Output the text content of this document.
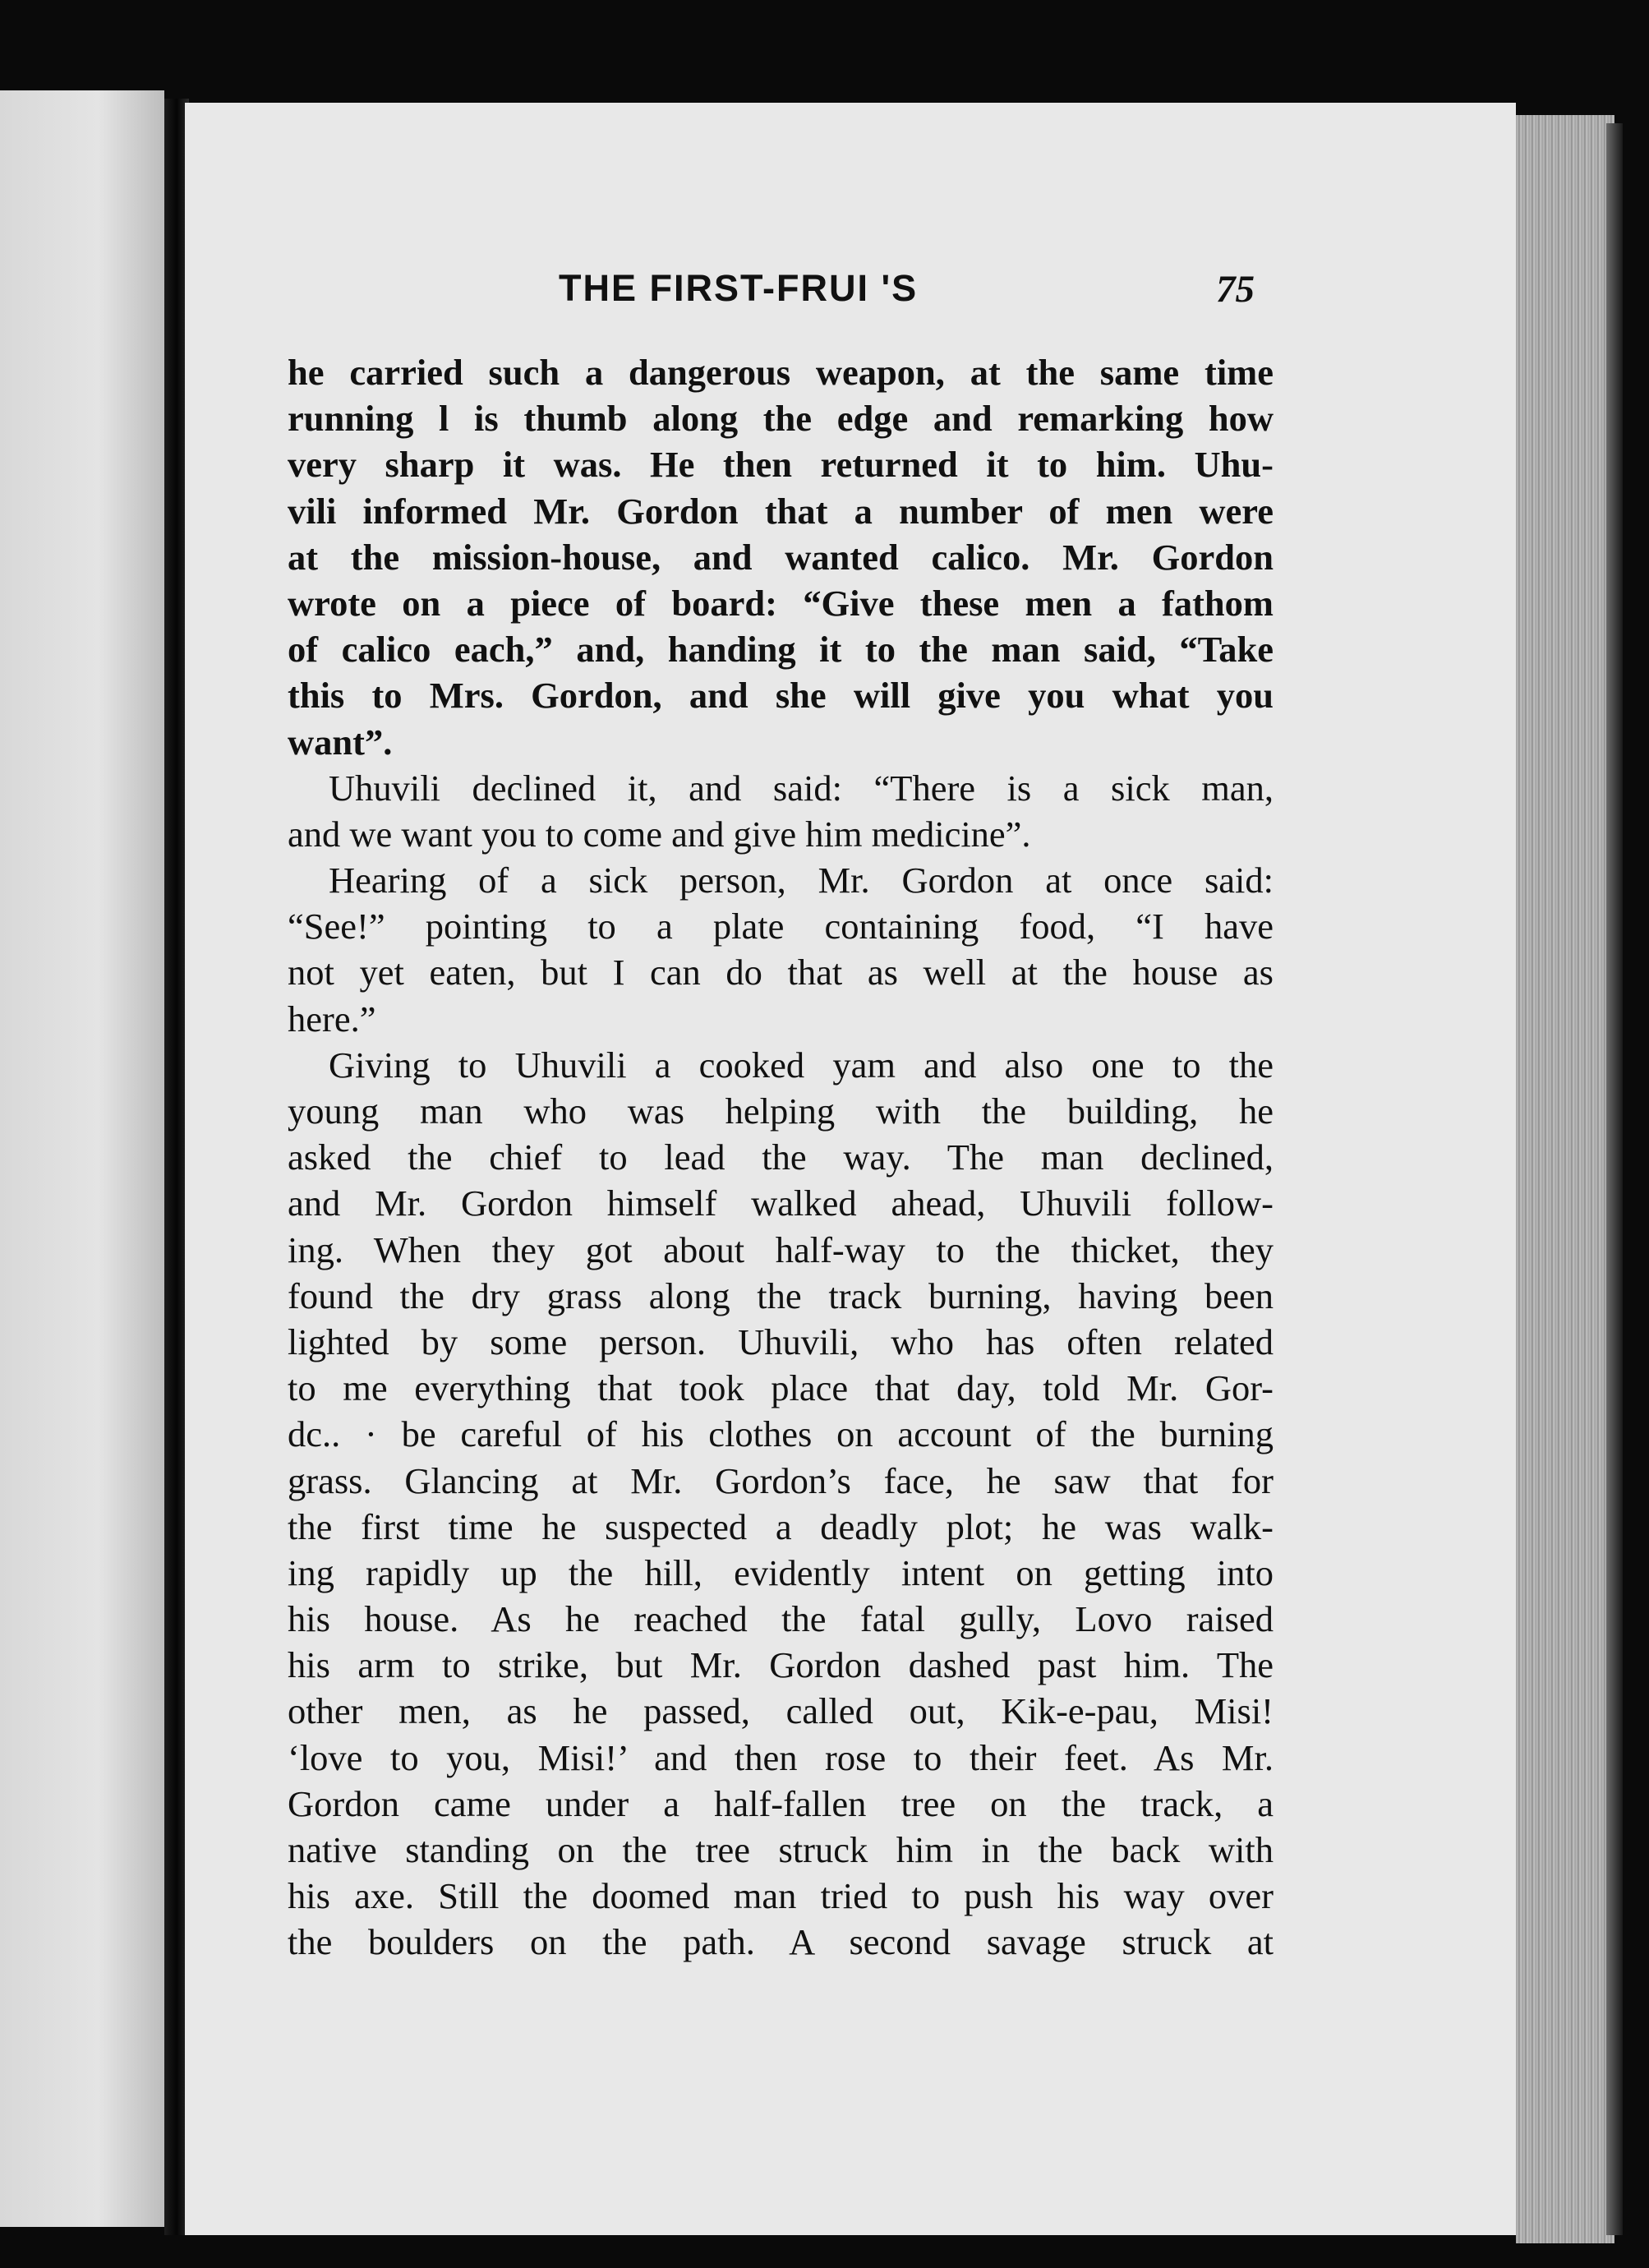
THE FIRST-FRUI 'S	75
he carried such a dangerous weapon, at the same time
running l is thumb along the edge and remarking how
very sharp it was. He then returned it to him. Uhu-
vili informed Mr. Gordon that a number of men were
at the mission-house, and wanted calico. Mr. Gordon
wrote on a piece of board: “Give these men a fathom
of calico each,” and, handing it to the man said, “Take
this to Mrs. Gordon, and she will give you what you
want”.
Uhuvili declined it, and said: “There is a sick man,
and we want you to come and give him medicine”.
Hearing of a sick person, Mr. Gordon at once said:
“See!” pointing to a plate containing food, “I have
not yet eaten, but I can do that as well at the house as
here.”
Giving to Uhuvili a cooked yam and also one to the
young man who was helping with the building, he
asked the chief to lead the way. The man declined,
and Mr. Gordon himself walked ahead, Uhuvili follow-
ing. When they got about half-way to the thicket, they
found the dry grass along the track burning, having been
lighted by some person. Uhuvili, who has often related
to me everything that took place that day, told Mr. Gor-
dc.. · be careful of his clothes on account of the burning
grass. Glancing at Mr. Gordon’s face, he saw that for
the first time he suspected a deadly plot; he was walk-
ing rapidly up the hill, evidently intent on getting into
his house. As he reached the fatal gully, Lovo raised
his arm to strike, but Mr. Gordon dashed past him. The
other men, as he passed, called out, Kik-e-pau, Misi!
‘love to you, Misi!’ and then rose to their feet. As Mr.
Gordon came under a half-fallen tree on the track, a
native standing on the tree struck him in the back with
his axe. Still the doomed man tried to push his way over
the boulders on the path. A second savage struck at
